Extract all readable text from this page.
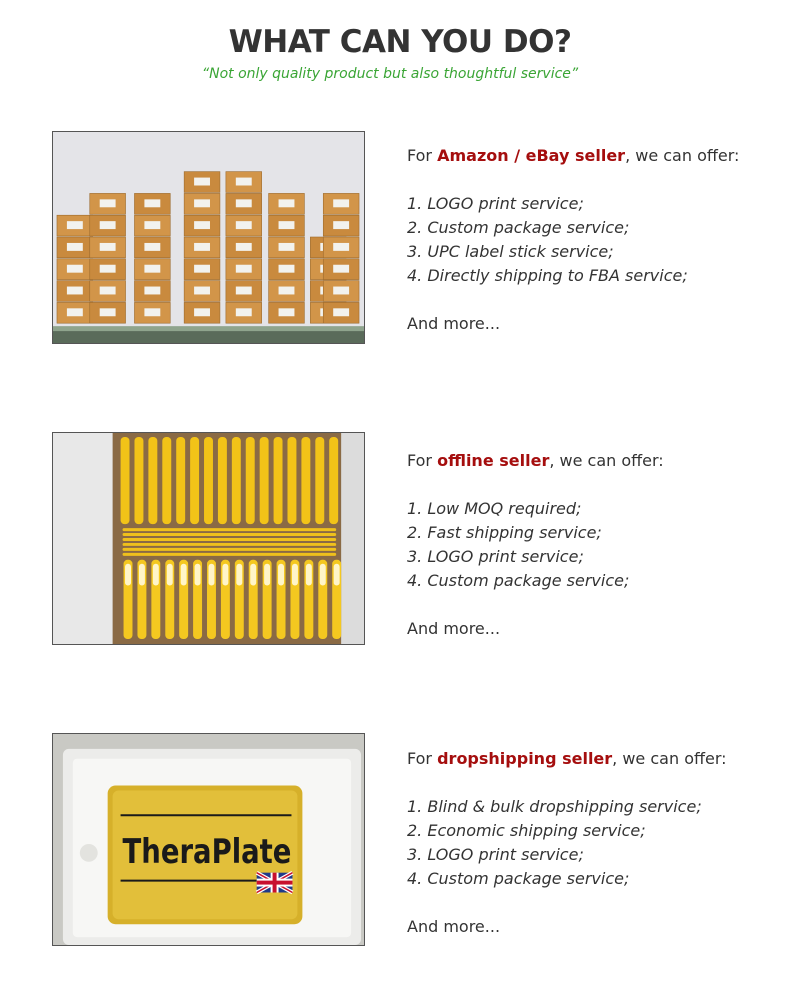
WHAT CAN YOU DO?
“Not only quality product but also thoughtful service”

For Amazon / eBay seller, we can offer:

1. LOGO print service;
2. Custom package service;
3. UPC label stick service;
4. Directly shipping to FBA service;

And more...

For offline seller, we can offer:

1. Low MOQ required;
2. Fast shipping service;
3. LOGO print service;
4. Custom package service;

And more...

TheraPlate

For dropshipping seller, we can offer:

1. Blind & bulk dropshipping service;
2. Economic shipping service;
3. LOGO print service;
4. Custom package service;

And more...
